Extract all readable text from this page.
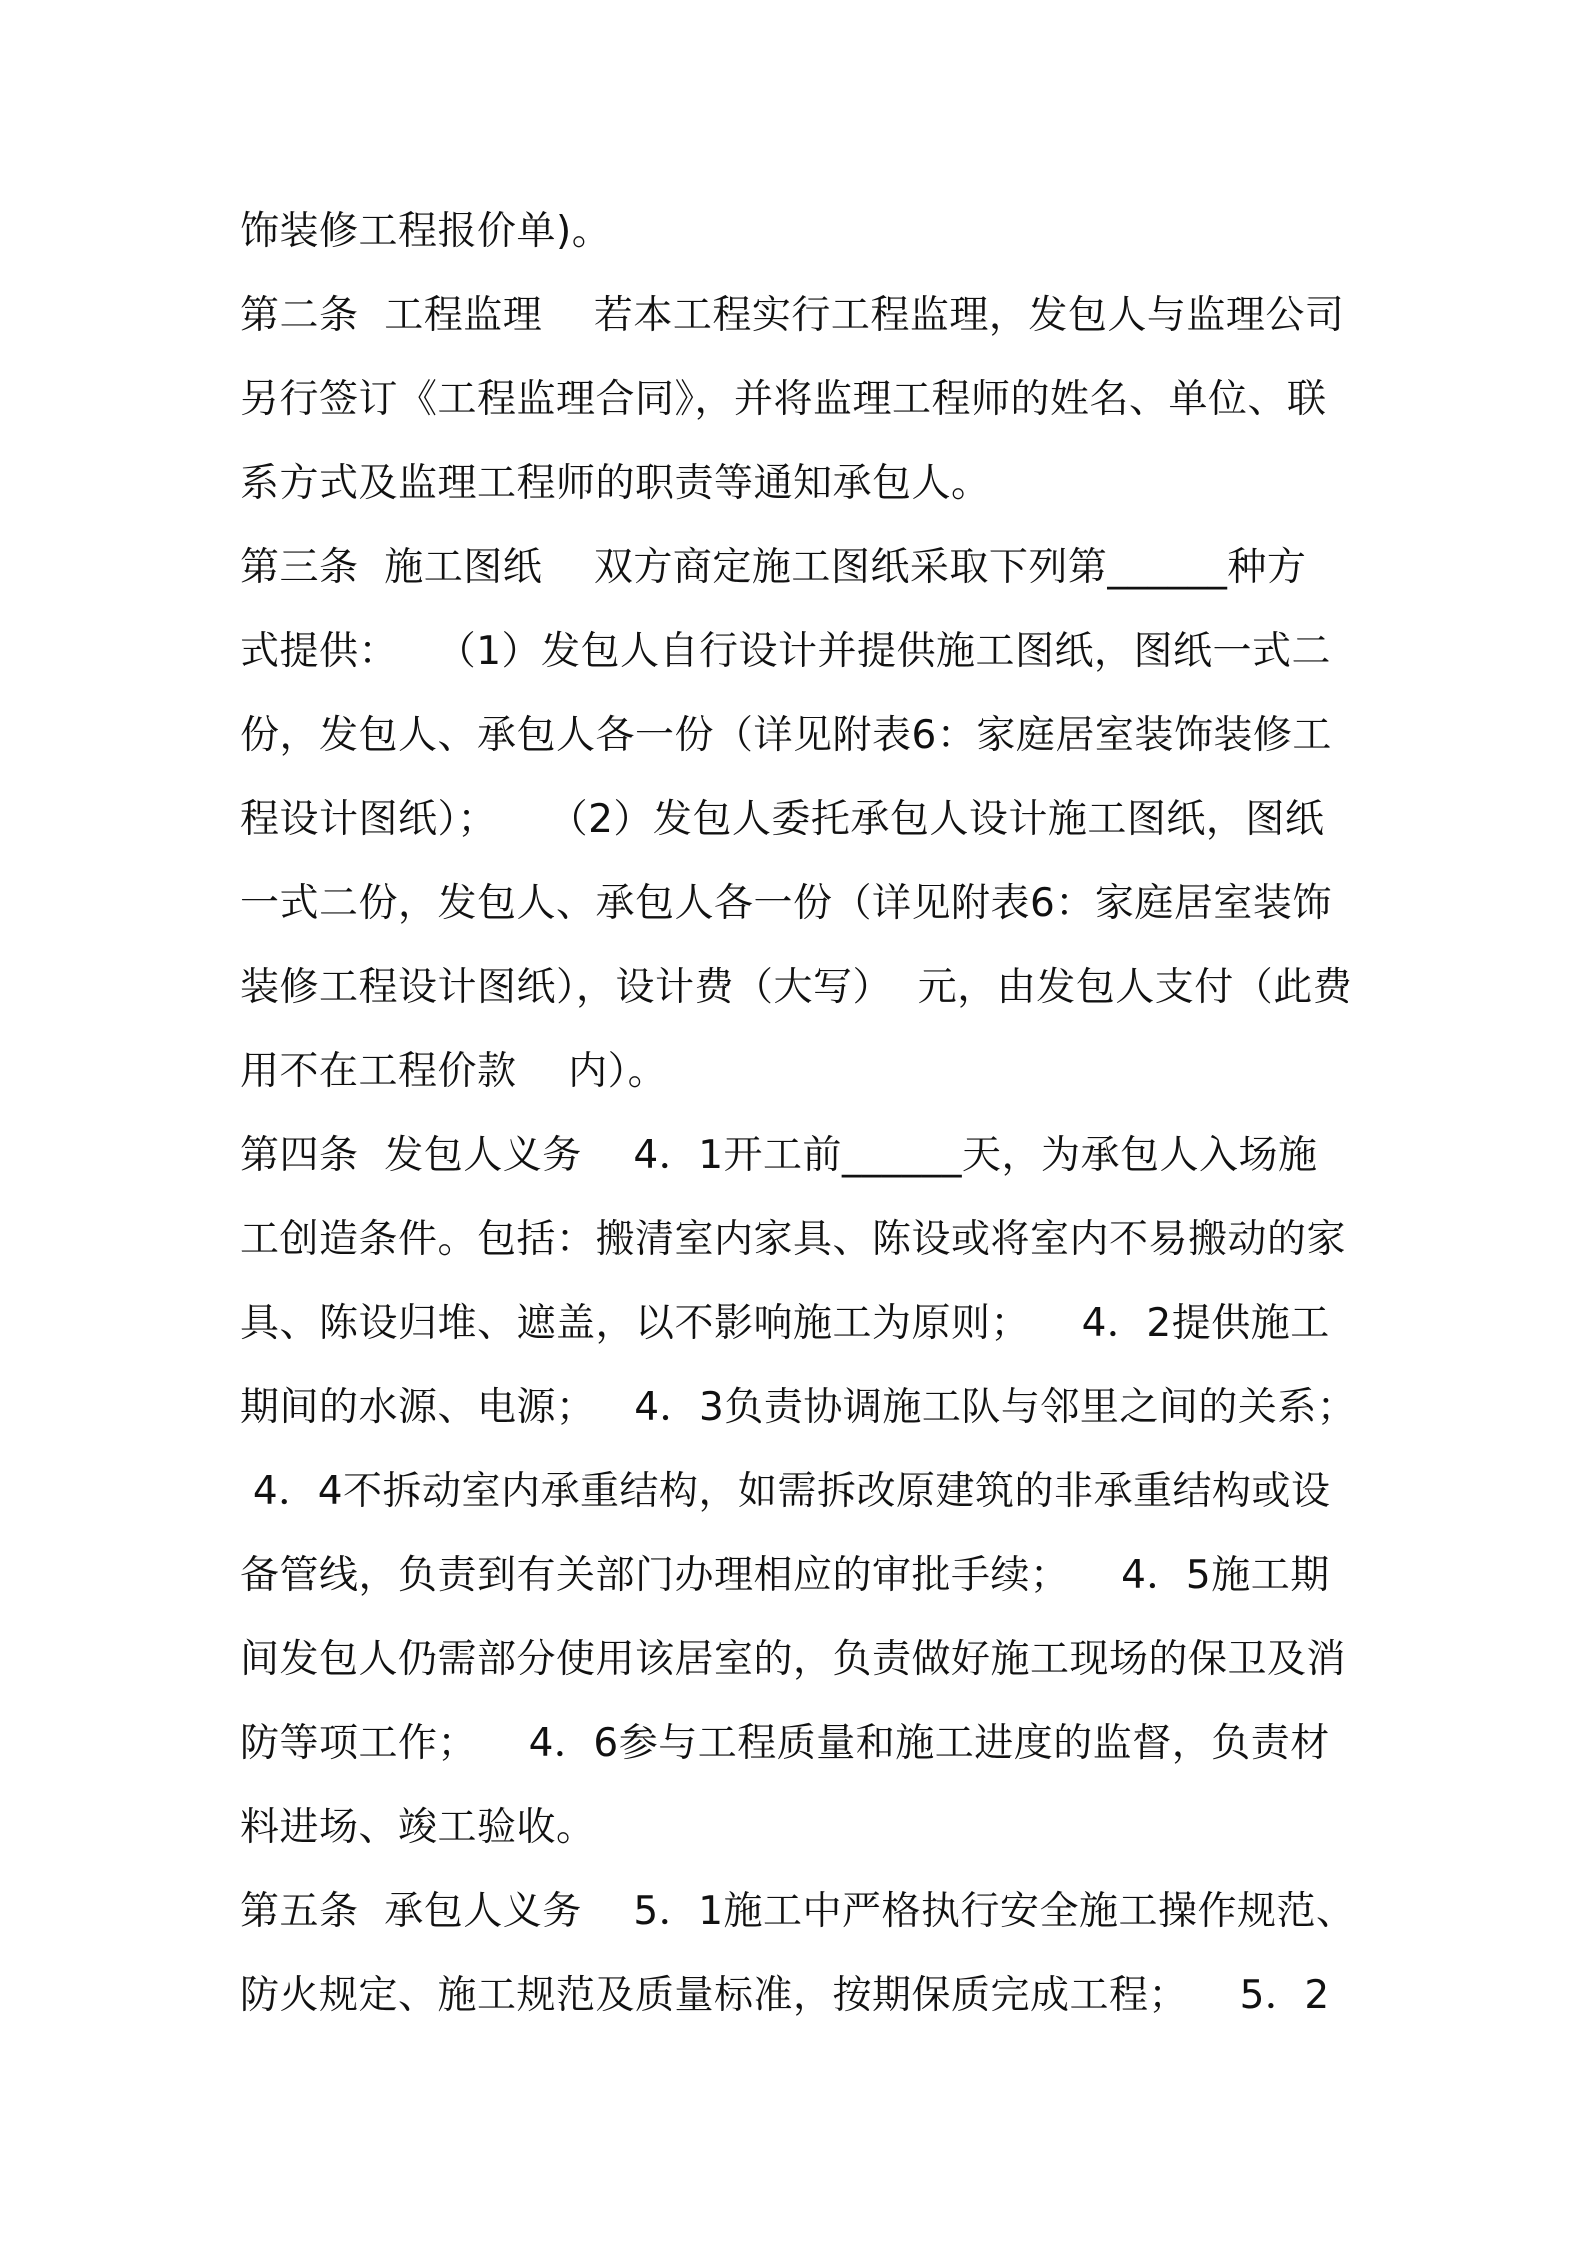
饰装修工程报价单)。
第二条  工程监理    若本工程实行工程监理，发包人与监理公司
另行签订《工程监理合同》，并将监理工程师的姓名、单位、联
系方式及监理工程师的职责等通知承包人。
第三条  施工图纸    双方商定施工图纸采取下列第______种方
式提供：   （1）发包人自行设计并提供施工图纸，图纸一式二
份，发包人、承包人各一份（详见附表6：家庭居室装饰装修工
程设计图纸）；    （2）发包人委托承包人设计施工图纸，图纸
一式二份，发包人、承包人各一份（详见附表6：家庭居室装饰
装修工程设计图纸），设计费（大写）  元，由发包人支付（此费
用不在工程价款    内）。
第四条  发包人义务    4．1开工前______天，为承包人入场施
工创造条件。包括：搬清室内家具、陈设或将室内不易搬动的家
具、陈设归堆、遮盖，以不影响施工为原则；    4．2提供施工
期间的水源、电源；   4．3负责协调施工队与邻里之间的关系；
4．4不拆动室内承重结构，如需拆改原建筑的非承重结构或设
备管线，负责到有关部门办理相应的审批手续；    4．5施工期
间发包人仍需部分使用该居室的，负责做好施工现场的保卫及消
防等项工作；    4．6参与工程质量和施工进度的监督，负责材
料进场、竣工验收。
第五条  承包人义务    5．1施工中严格执行安全施工操作规范、
防火规定、施工规范及质量标准，按期保质完成工程；    5．2
